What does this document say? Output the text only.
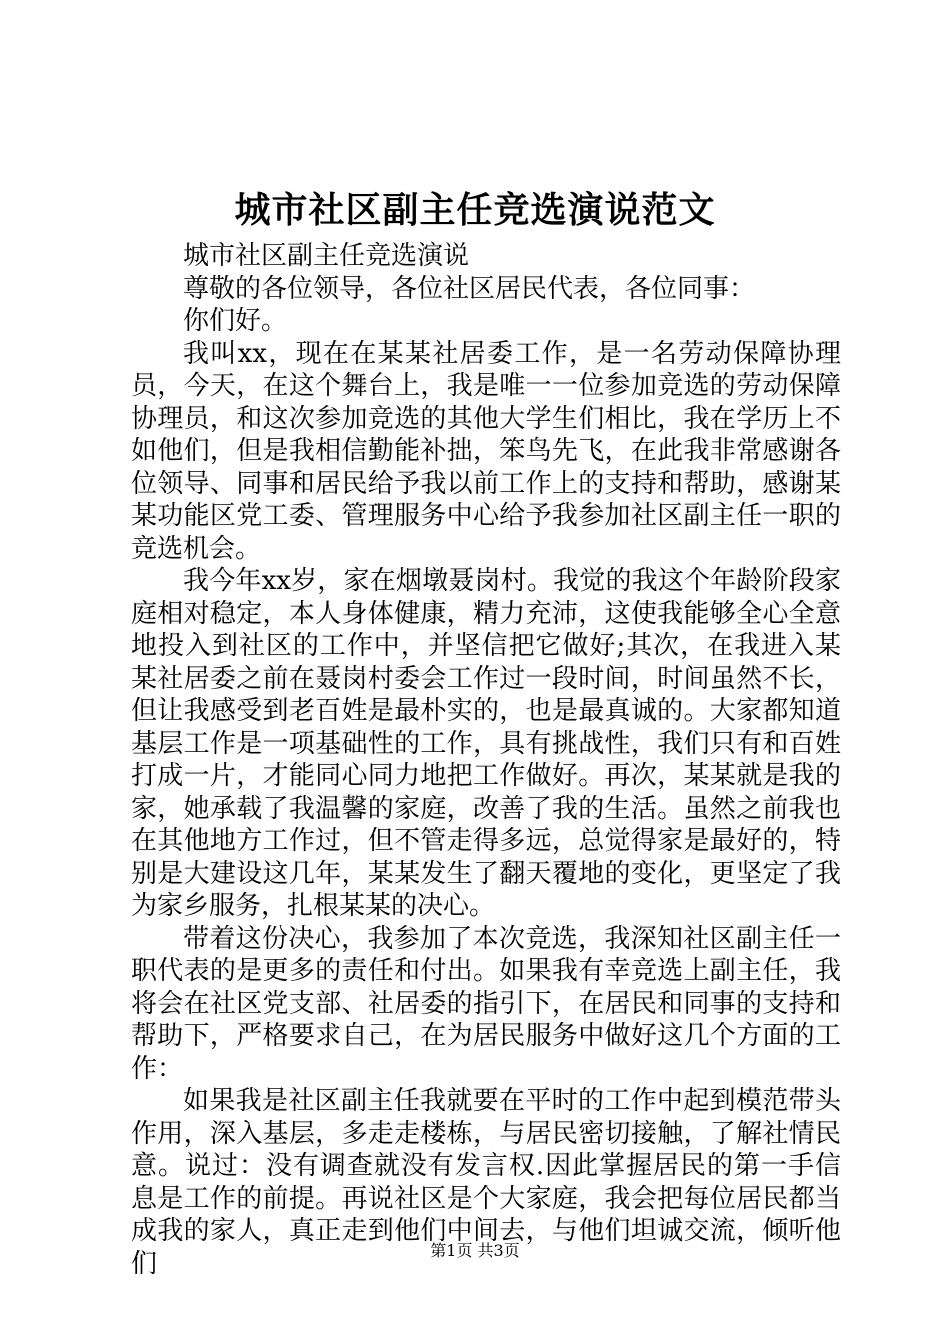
城市社区副主任竞选演说范文

城市社区副主任竞选演说

尊敬的各位领导，各位社区居民代表，各位同事：

你们好。

我叫xx，现在在某某社居委工作，是一名劳动保障协理员，今天，在这个舞台上，我是唯一一位参加竞选的劳动保障协理员，和这次参加竞选的其他大学生们相比，我在学历上不如他们，但是我相信勤能补拙，笨鸟先飞，在此我非常感谢各位领导、同事和居民给予我以前工作上的支持和帮助，感谢某某功能区党工委、管理服务中心给予我参加社区副主任一职的竞选机会。

我今年xx岁，家在烟墩聂岗村。我觉的我这个年龄阶段家庭相对稳定，本人身体健康，精力充沛，这使我能够全心全意地投入到社区的工作中，并坚信把它做好;其次，在我进入某某社居委之前在聂岗村委会工作过一段时间，时间虽然不长，但让我感受到老百姓是最朴实的，也是最真诚的。大家都知道基层工作是一项基础性的工作，具有挑战性，我们只有和百姓打成一片，才能同心同力地把工作做好。再次，某某就是我的家，她承载了我温馨的家庭，改善了我的生活。虽然之前我也在其他地方工作过，但不管走得多远，总觉得家是最好的，特别是大建设这几年，某某发生了翻天覆地的变化，更坚定了我为家乡服务，扎根某某的决心。

带着这份决心，我参加了本次竞选，我深知社区副主任一职代表的是更多的责任和付出。如果我有幸竞选上副主任，我将会在社区党支部、社居委的指引下，在居民和同事的支持和帮助下，严格要求自己，在为居民服务中做好这几个方面的工作：

如果我是社区副主任我就要在平时的工作中起到模范带头作用，深入基层，多走走楼栋，与居民密切接触，了解社情民意。说过：没有调查就没有发言权.因此掌握居民的第一手信息是工作的前提。再说社区是个大家庭，我会把每位居民都当成我的家人，真正走到他们中间去，与他们坦诚交流，倾听他们	第1页 共3页
